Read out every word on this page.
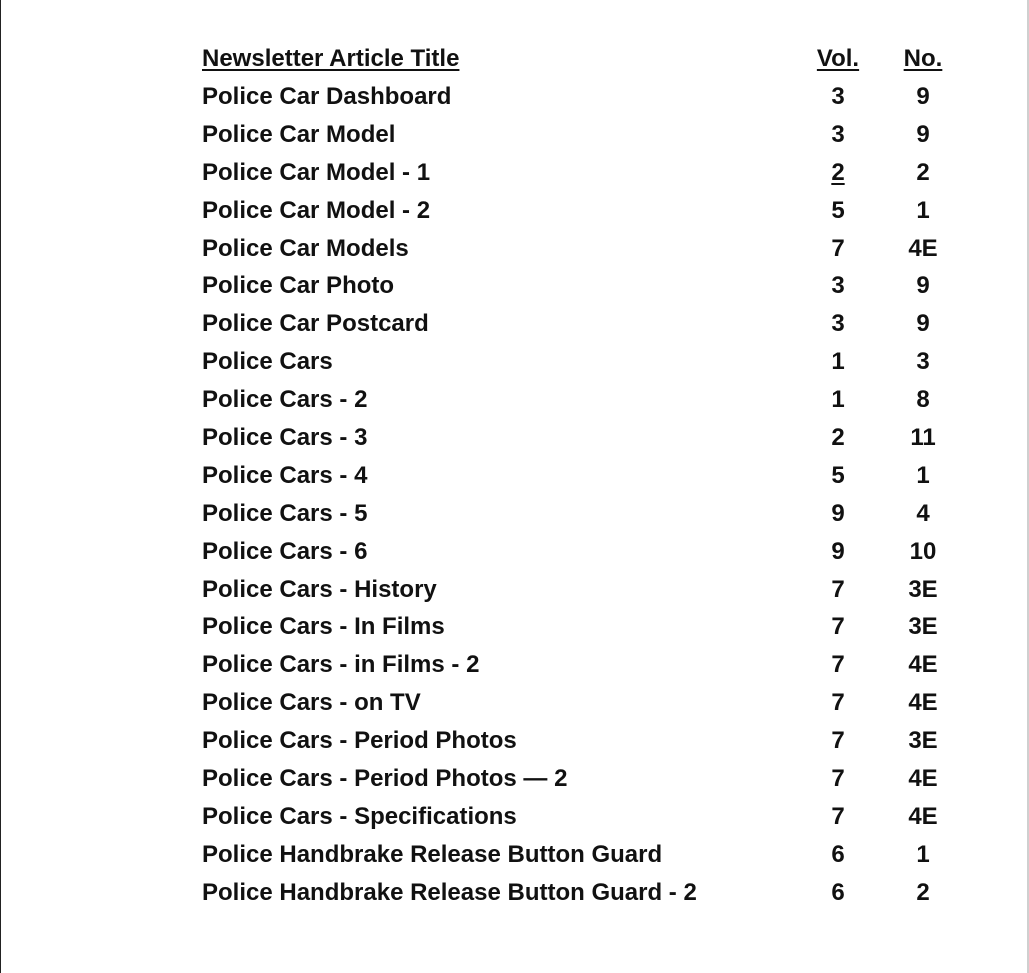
Newsletter Article Title	Vol.	No.
Police Car Dashboard	3	9
Police Car Model	3	9
Police Car Model - 1	2	2
Police Car Model - 2	5	1
Police Car Models	7	4E
Police Car Photo	3	9
Police Car Postcard	3	9
Police Cars	1	3
Police Cars - 2	1	8
Police Cars - 3	2	11
Police Cars - 4	5	1
Police Cars - 5	9	4
Police Cars - 6	9	10
Police Cars - History	7	3E
Police Cars - In Films	7	3E
Police Cars - in Films - 2	7	4E
Police Cars - on TV	7	4E
Police Cars - Period Photos	7	3E
Police Cars - Period Photos — 2	7	4E
Police Cars - Specifications	7	4E
Police Handbrake Release Button Guard	6	1
Police Handbrake Release Button Guard - 2	6	2
